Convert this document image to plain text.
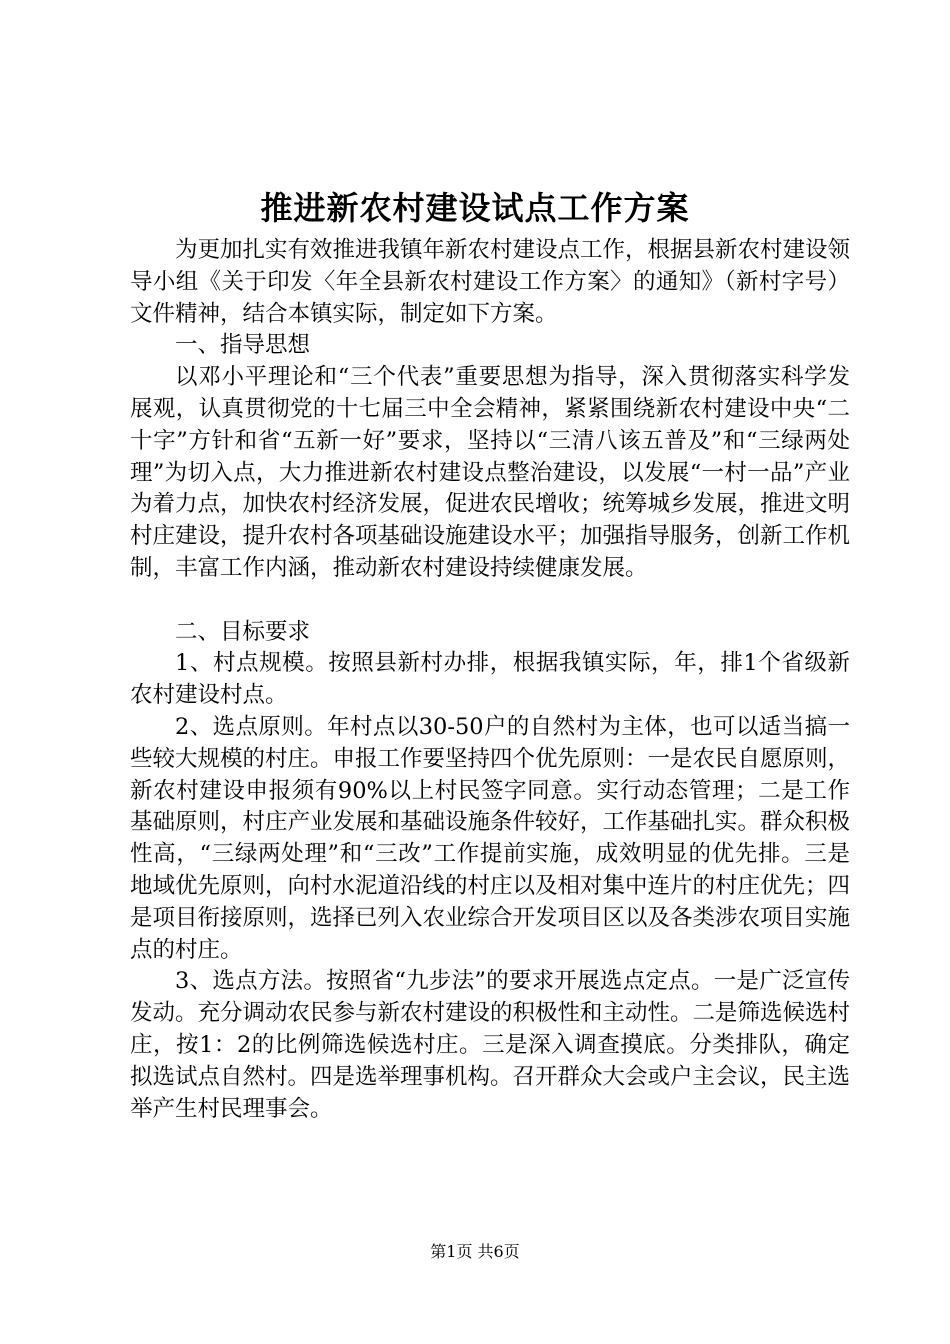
推进新农村建设试点工作方案

为更加扎实有效推进我镇年新农村建设点工作，根据县新农村建设领导小组《关于印发〈年全县新农村建设工作方案〉的通知》（新村字号）文件精神，结合本镇实际，制定如下方案。

一、指导思想

以邓小平理论和“三个代表”重要思想为指导，深入贯彻落实科学发展观，认真贯彻党的十七届三中全会精神，紧紧围绕新农村建设中央“二十字”方针和省“五新一好”要求，坚持以“三清八该五普及”和“三绿两处理”为切入点，大力推进新农村建设点整治建设，以发展“一村一品”产业为着力点，加快农村经济发展，促进农民增收；统筹城乡发展，推进文明村庄建设，提升农村各项基础设施建设水平；加强指导服务，创新工作机制，丰富工作内涵，推动新农村建设持续健康发展。

二、目标要求

1、村点规模。按照县新村办排，根据我镇实际，年，排1个省级新农村建设村点。

2、选点原则。年村点以30-50户的自然村为主体，也可以适当搞一些较大规模的村庄。申报工作要坚持四个优先原则：一是农民自愿原则，新农村建设申报须有90%以上村民签字同意。实行动态管理；二是工作基础原则，村庄产业发展和基础设施条件较好，工作基础扎实。群众积极性高，“三绿两处理”和“三改”工作提前实施，成效明显的优先排。三是地域优先原则，向村水泥道沿线的村庄以及相对集中连片的村庄优先；四是项目衔接原则，选择已列入农业综合开发项目区以及各类涉农项目实施点的村庄。

3、选点方法。按照省“九步法”的要求开展选点定点。一是广泛宣传发动。充分调动农民参与新农村建设的积极性和主动性。二是筛选候选村庄，按1：2的比例筛选候选村庄。三是深入调查摸底。分类排队，确定拟选试点自然村。四是选举理事机构。召开群众大会或户主会议，民主选举产生村民理事会。

第1页 共6页
